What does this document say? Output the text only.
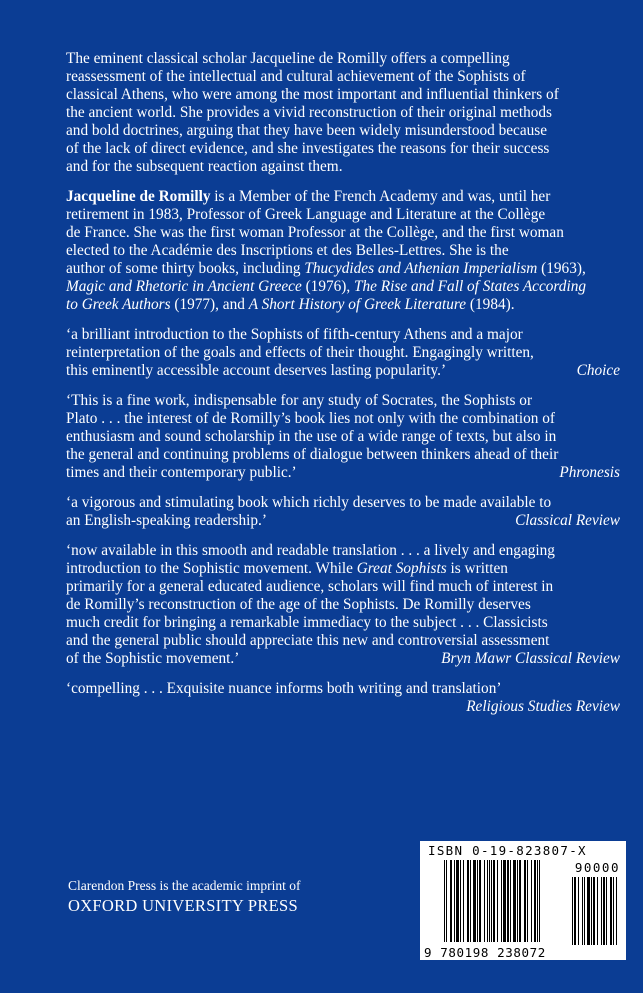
The eminent classical scholar Jacqueline de Romilly offers a compelling
reassessment of the intellectual and cultural achievement of the Sophists of
classical Athens, who were among the most important and influential thinkers of
the ancient world. She provides a vivid reconstruction of their original methods
and bold doctrines, arguing that they have been widely misunderstood because
of the lack of direct evidence, and she investigates the reasons for their success
and for the subsequent reaction against them.
Jacqueline de Romilly is a Member of the French Academy and was, until her
retirement in 1983, Professor of Greek Language and Literature at the Collège
de France. She was the first woman Professor at the Collège, and the first woman
elected to the Académie des Inscriptions et des Belles-Lettres. She is the
author of some thirty books, including Thucydides and Athenian Imperialism (1963),
Magic and Rhetoric in Ancient Greece (1976), The Rise and Fall of States According
to Greek Authors (1977), and A Short History of Greek Literature (1984).
‘a brilliant introduction to the Sophists of fifth-century Athens and a major
reinterpretation of the goals and effects of their thought. Engagingly written,
this eminently accessible account deserves lasting popularity.’	Choice
‘This is a fine work, indispensable for any study of Socrates, the Sophists or
Plato . . . the interest of de Romilly’s book lies not only with the combination of
enthusiasm and sound scholarship in the use of a wide range of texts, but also in
the general and continuing problems of dialogue between thinkers ahead of their
times and their contemporary public.’	Phronesis
‘a vigorous and stimulating book which richly deserves to be made available to
an English-speaking readership.’	Classical Review
‘now available in this smooth and readable translation . . . a lively and engaging
introduction to the Sophistic movement. While Great Sophists is written
primarily for a general educated audience, scholars will find much of interest in
de Romilly’s reconstruction of the age of the Sophists. De Romilly deserves
much credit for bringing a remarkable immediacy to the subject . . . Classicists
and the general public should appreciate this new and controversial assessment
of the Sophistic movement.’	Bryn Mawr Classical Review
‘compelling . . . Exquisite nuance informs both writing and translation’
Religious Studies Review
Clarendon Press is the academic imprint of
OXFORD UNIVERSITY PRESS
ISBN 0-19-823807-X
90000
9 780198 238072
